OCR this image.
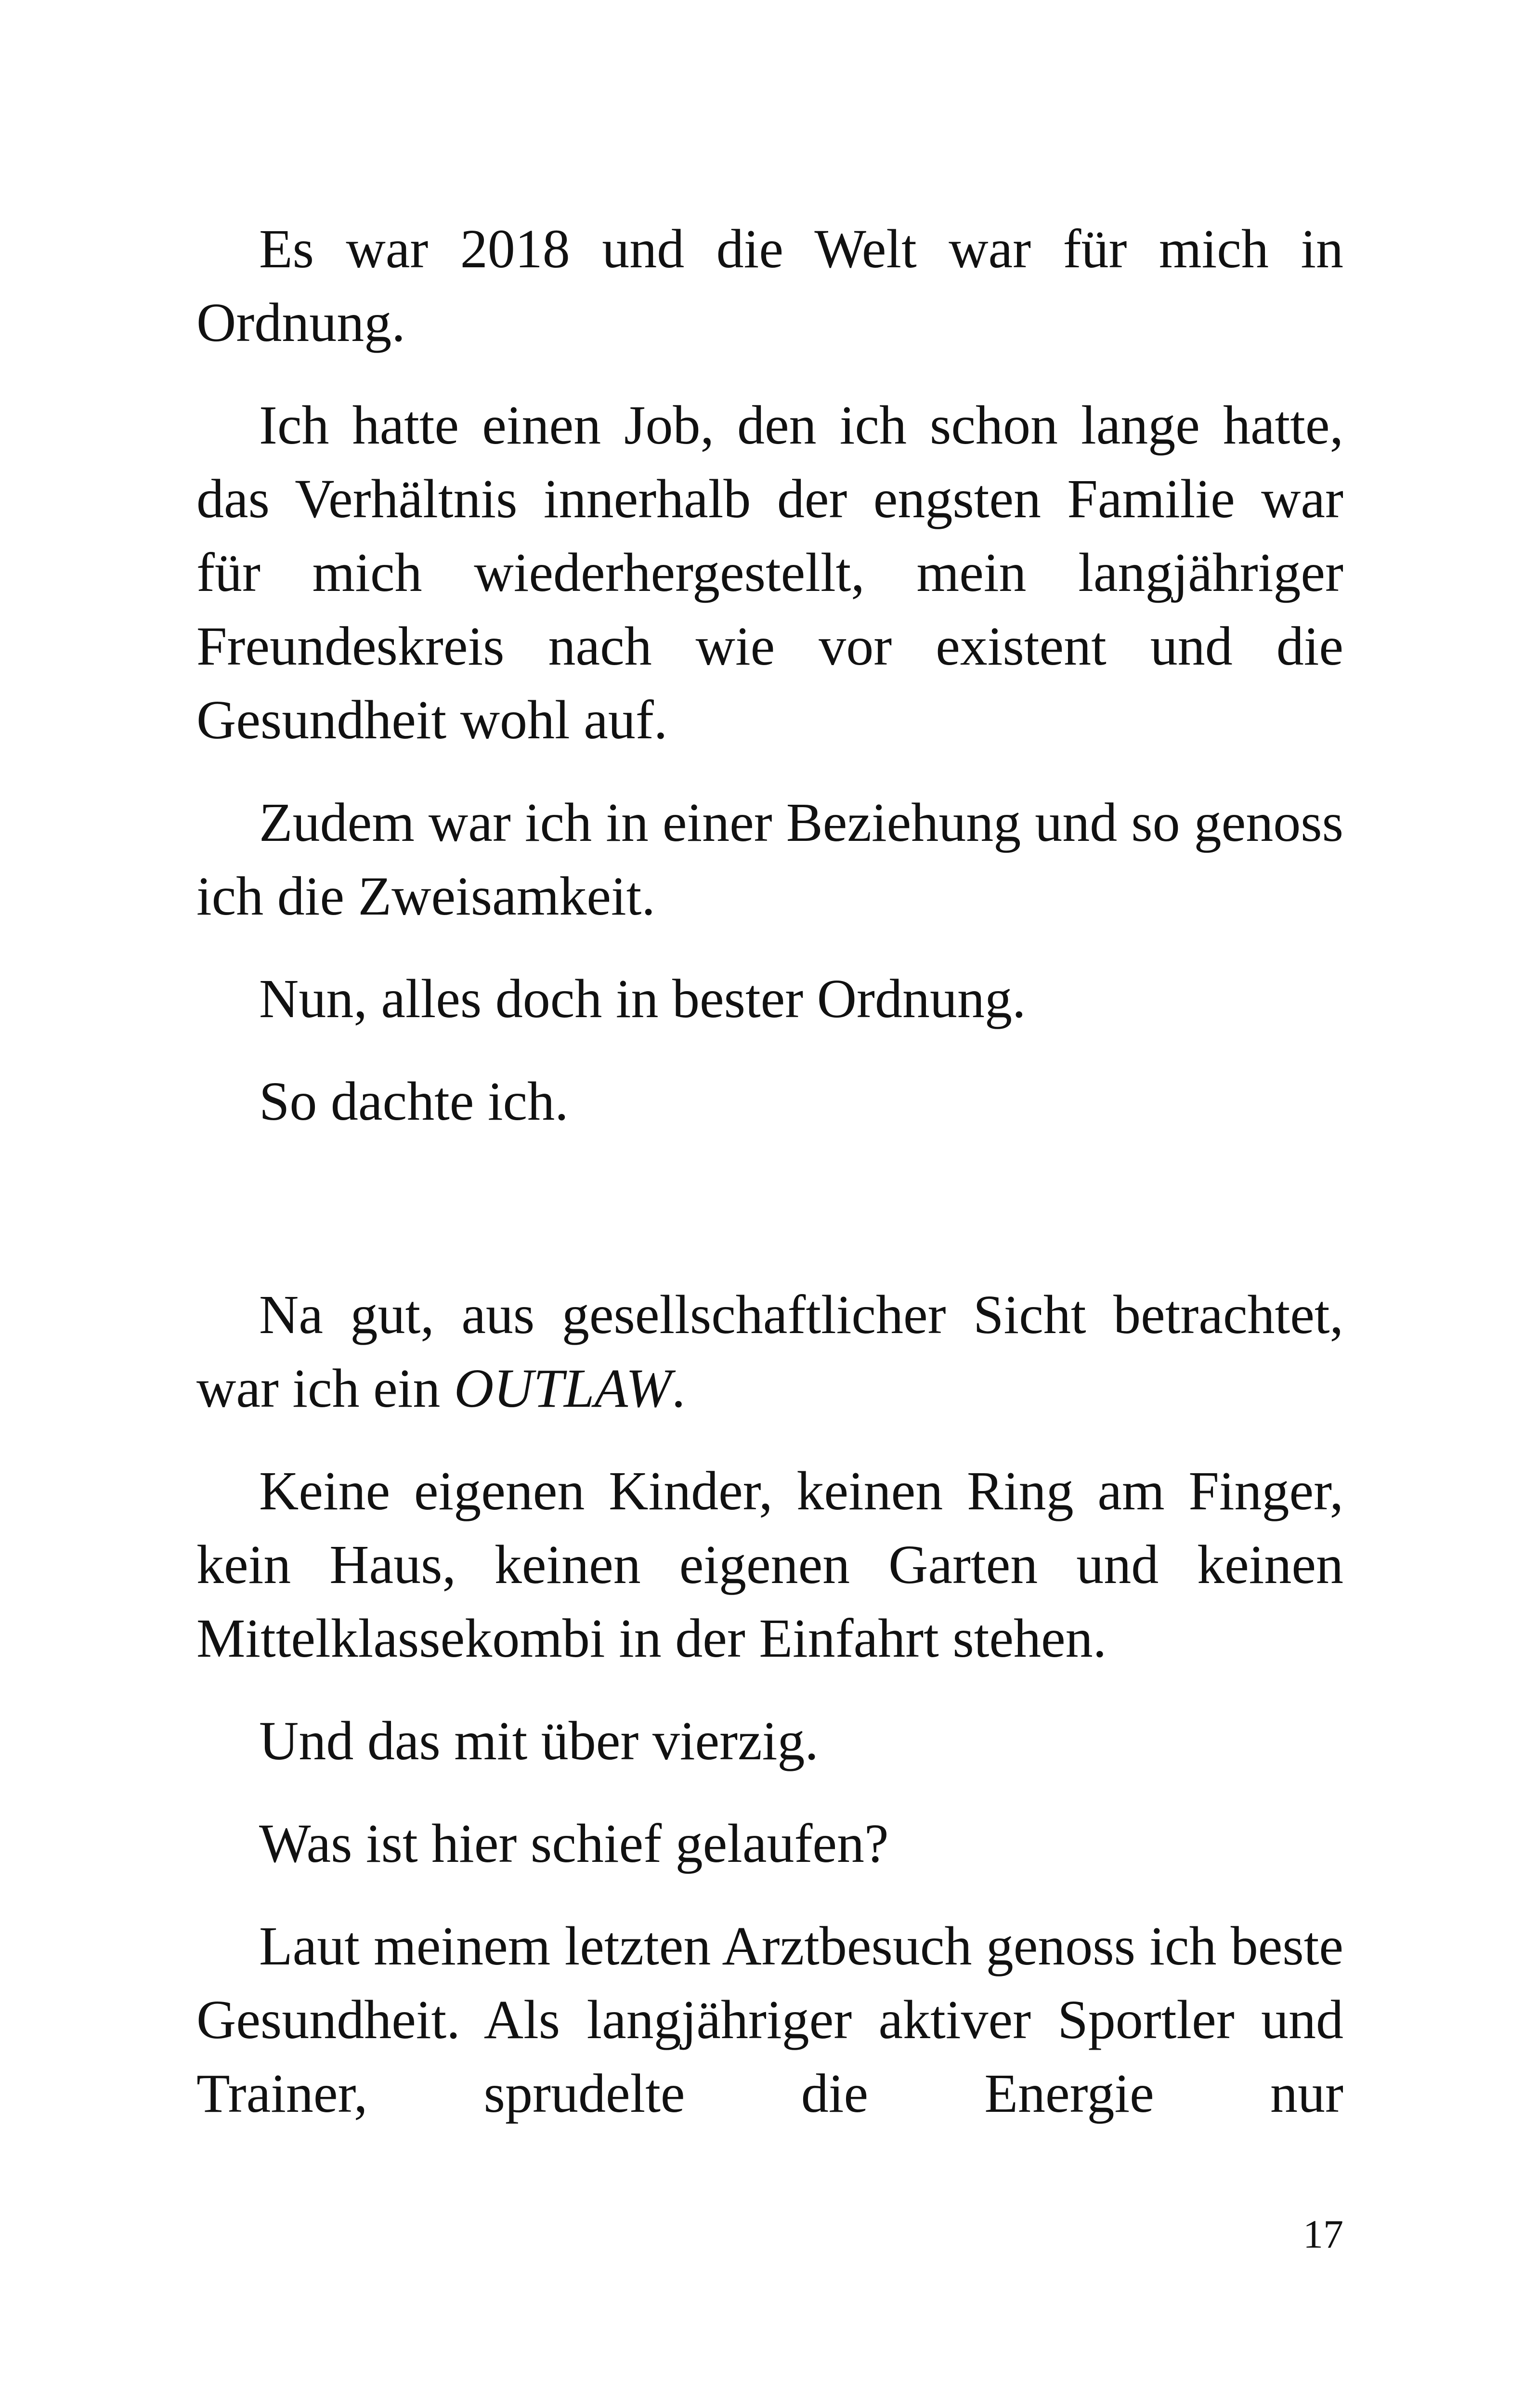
Es war 2018 und die Welt war für mich in Ordnung.

Ich hatte einen Job, den ich schon lange hatte, das Verhältnis innerhalb der engsten Familie war für mich wiederhergestellt, mein langjähriger Freundeskreis nach wie vor existent und die Gesundheit wohl auf.

Zudem war ich in einer Beziehung und so genoss ich die Zweisamkeit.

Nun, alles doch in bester Ordnung.

So dachte ich.

Na gut, aus gesellschaftlicher Sicht betrachtet, war ich ein OUTLAW.

Keine eigenen Kinder, keinen Ring am Finger, kein Haus, keinen eigenen Garten und keinen Mittelklassekombi in der Einfahrt stehen.

Und das mit über vierzig.

Was ist hier schief gelaufen?

Laut meinem letzten Arztbesuch genoss ich beste Gesundheit. Als langjähriger aktiver Sportler und Trainer, sprudelte die Energie nur

17
